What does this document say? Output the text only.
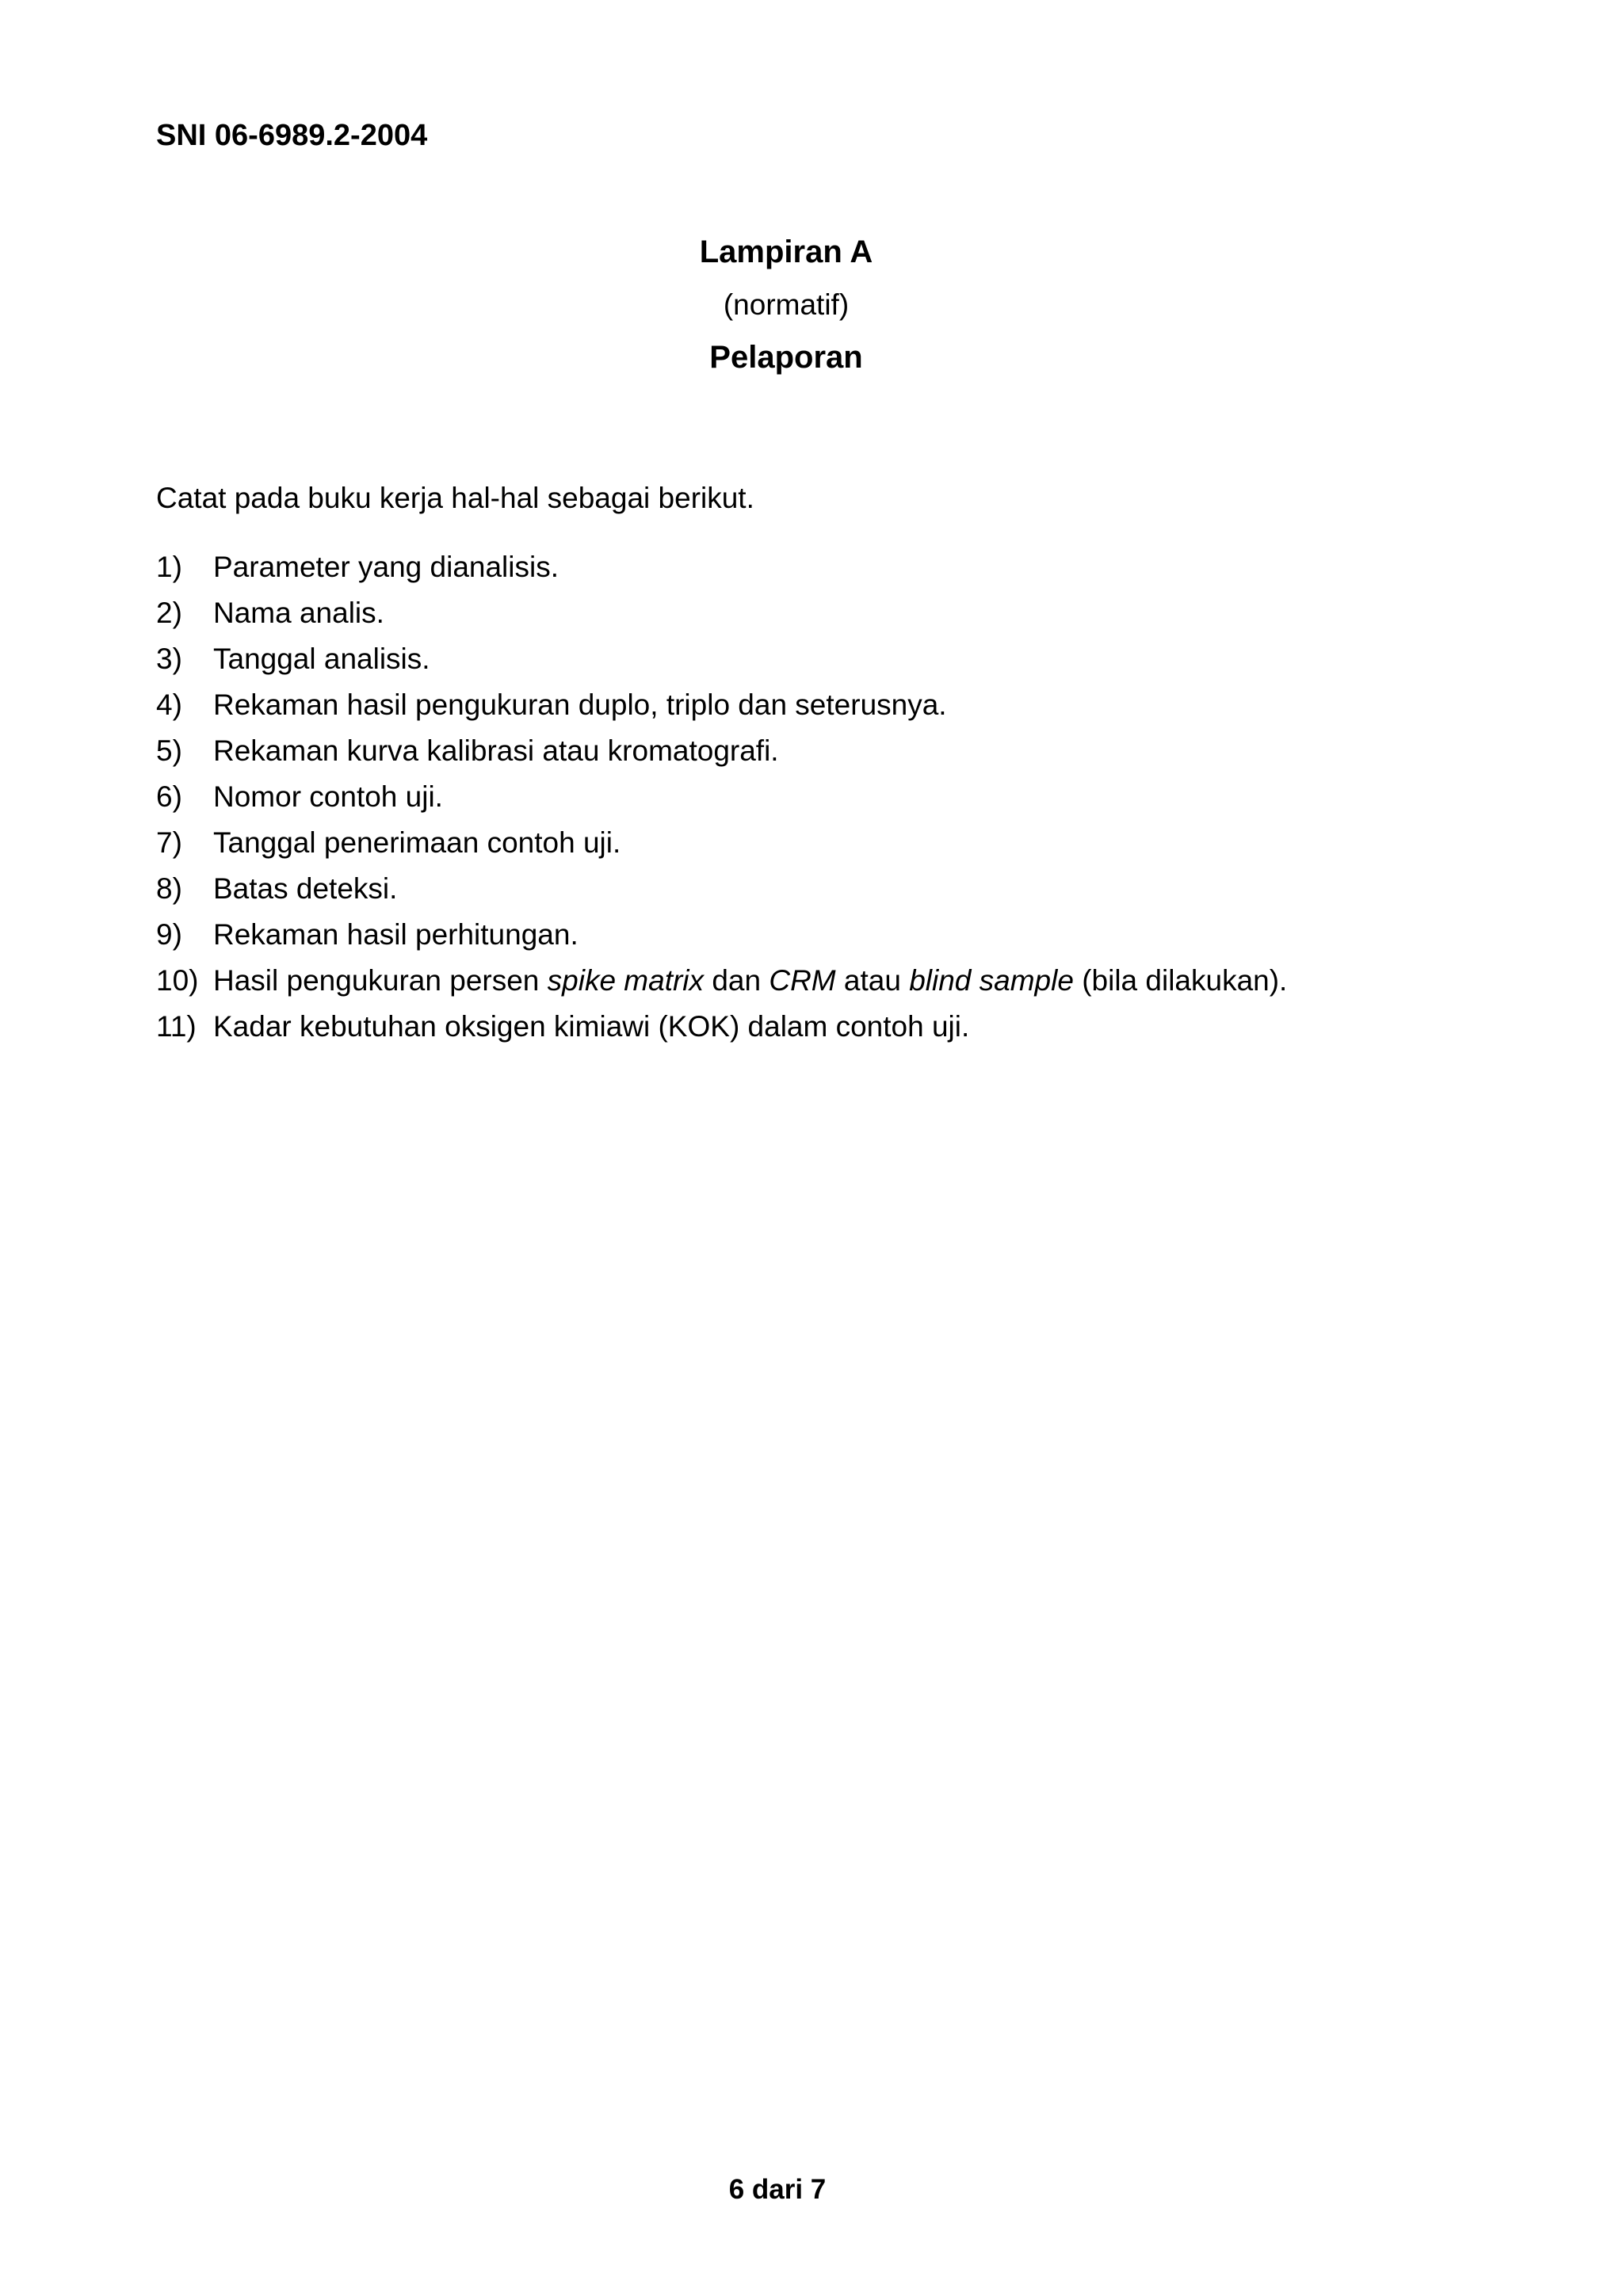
SNI 06-6989.2-2004
Lampiran A
(normatif)
Pelaporan
Catat pada buku kerja hal-hal sebagai berikut.
1) Parameter yang dianalisis.
2) Nama analis.
3) Tanggal analisis.
4) Rekaman hasil pengukuran duplo, triplo dan seterusnya.
5) Rekaman kurva kalibrasi atau kromatografi.
6) Nomor contoh uji.
7) Tanggal penerimaan contoh uji.
8) Batas deteksi.
9) Rekaman hasil perhitungan.
10) Hasil pengukuran persen spike matrix dan CRM atau blind sample (bila dilakukan).
11) Kadar kebutuhan oksigen kimiawi (KOK) dalam contoh uji.
6 dari 7
